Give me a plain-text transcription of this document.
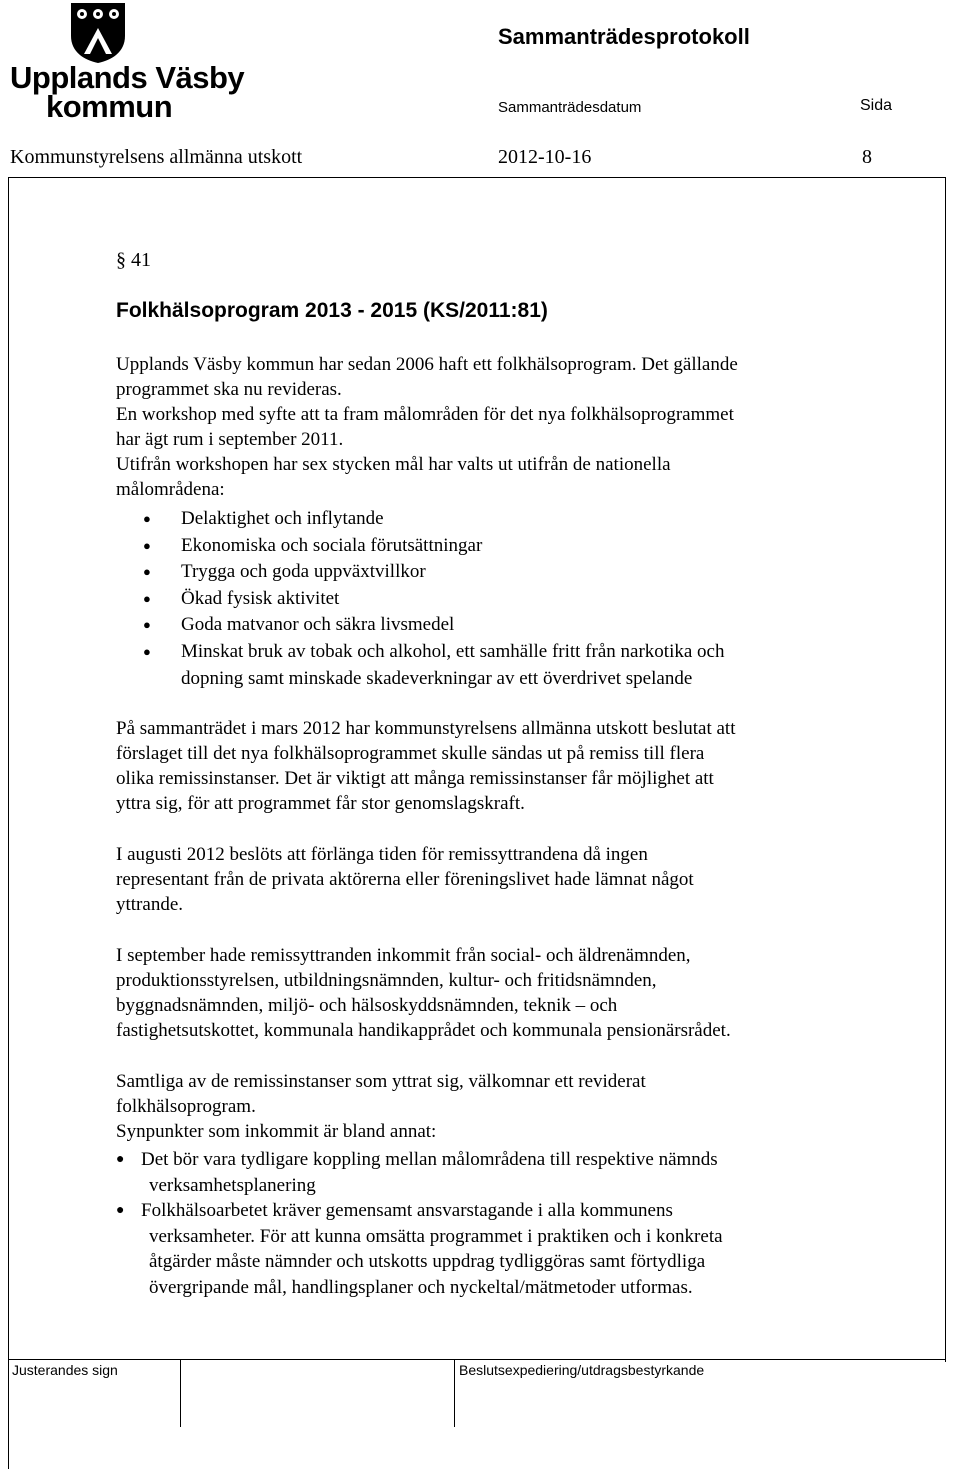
Upplands Väsby
kommun
Sammanträdesprotokoll
Sammanträdesdatum	Sida
Kommunstyrelsens allmänna utskott	2012-10-16	8
§ 41
Folkhälsoprogram 2013 - 2015 (KS/2011:81)
Upplands Väsby kommun har sedan 2006 haft ett folkhälsoprogram. Det gällande
programmet ska nu revideras.
En workshop med syfte att ta fram målområden för det nya folkhälsoprogrammet
har ägt rum i september 2011.
Utifrån workshopen har sex stycken mål har valts ut utifrån de nationella
målområdena:
● Delaktighet och inflytande
● Ekonomiska och sociala förutsättningar
● Trygga och goda uppväxtvillkor
● Ökad fysisk aktivitet
● Goda matvanor och säkra livsmedel
● Minskat bruk av tobak och alkohol, ett samhälle fritt från narkotika och
dopning samt minskade skadeverkningar av ett överdrivet spelande
På sammanträdet i mars 2012 har kommunstyrelsens allmänna utskott beslutat att
förslaget till det nya folkhälsoprogrammet skulle sändas ut på remiss till flera
olika remissinstanser. Det är viktigt att många remissinstanser får möjlighet att
yttra sig, för att programmet får stor genomslagskraft.
I augusti 2012 beslöts att förlänga tiden för remissyttrandena då ingen
representant från de privata aktörerna eller föreningslivet hade lämnat något
yttrande.
I september hade remissyttranden inkommit från social- och äldrenämnden,
produktionsstyrelsen, utbildningsnämnden, kultur- och fritidsnämnden,
byggnadsnämnden, miljö- och hälsoskyddsnämnden, teknik – och
fastighetsutskottet, kommunala handikapprådet och kommunala pensionärsrådet.
Samtliga av de remissinstanser som yttrat sig, välkomnar ett reviderat
folkhälsoprogram.
Synpunkter som inkommit är bland annat:
● Det bör vara tydligare koppling mellan målområdena till respektive nämnds
verksamhetsplanering
● Folkhälsoarbetet kräver gemensamt ansvarstagande i alla kommunens
verksamheter. För att kunna omsätta programmet i praktiken och i konkreta
åtgärder måste nämnder och utskotts uppdrag tydliggöras samt förtydliga
övergripande mål, handlingsplaner och nyckeltal/mätmetoder utformas.
Justerandes sign	Beslutsexpediering/utdragsbestyrkande
